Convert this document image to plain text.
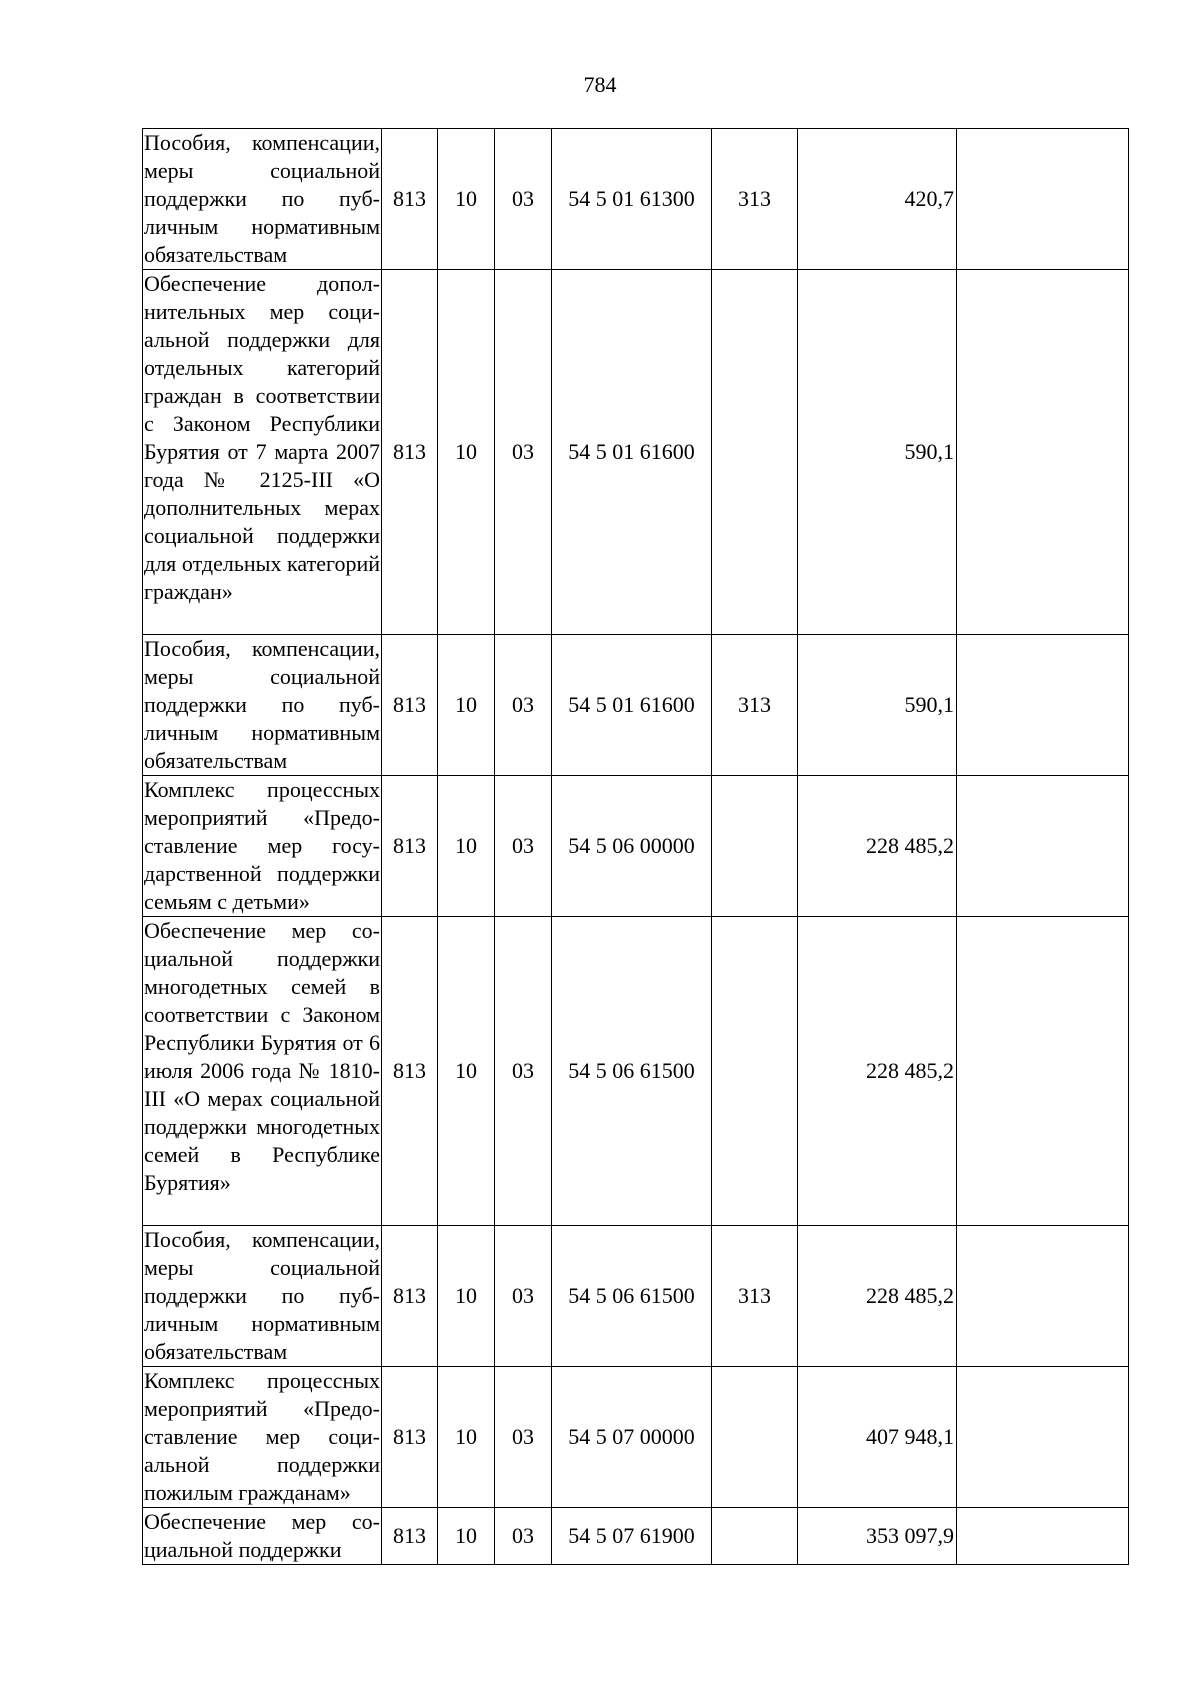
784
Пособия, компенсации, меры социальной поддержки по публичным нормативным обязательствам	813	10	03	54 5 01 61300	313	420,7	
Обеспечение дополнительных мер социальной поддержки для отдельных категорий граждан в соответствии с Законом Республики Бурятия от 7 марта 2007 года № 2125-III «О дополнительных мерах социальной поддержки для отдельных категорий граждан»	813	10	03	54 5 01 61600		590,1	
Пособия, компенсации, меры социальной поддержки по публичным нормативным обязательствам	813	10	03	54 5 01 61600	313	590,1	
Комплекс процессных мероприятий «Предоставление мер государственной поддержки семьям с детьми»	813	10	03	54 5 06 00000		228 485,2	
Обеспечение мер социальной поддержки многодетных семей в соответствии с Законом Республики Бурятия от 6 июля 2006 года № 1810-III «О мерах социальной поддержки многодетных семей в Республике Бурятия»	813	10	03	54 5 06 61500		228 485,2	
Пособия, компенсации, меры социальной поддержки по публичным нормативным обязательствам	813	10	03	54 5 06 61500	313	228 485,2	
Комплекс процессных мероприятий «Предоставление мер социальной поддержки пожилым гражданам»	813	10	03	54 5 07 00000		407 948,1	
Обеспечение мер социальной поддержки	813	10	03	54 5 07 61900		353 097,9	
